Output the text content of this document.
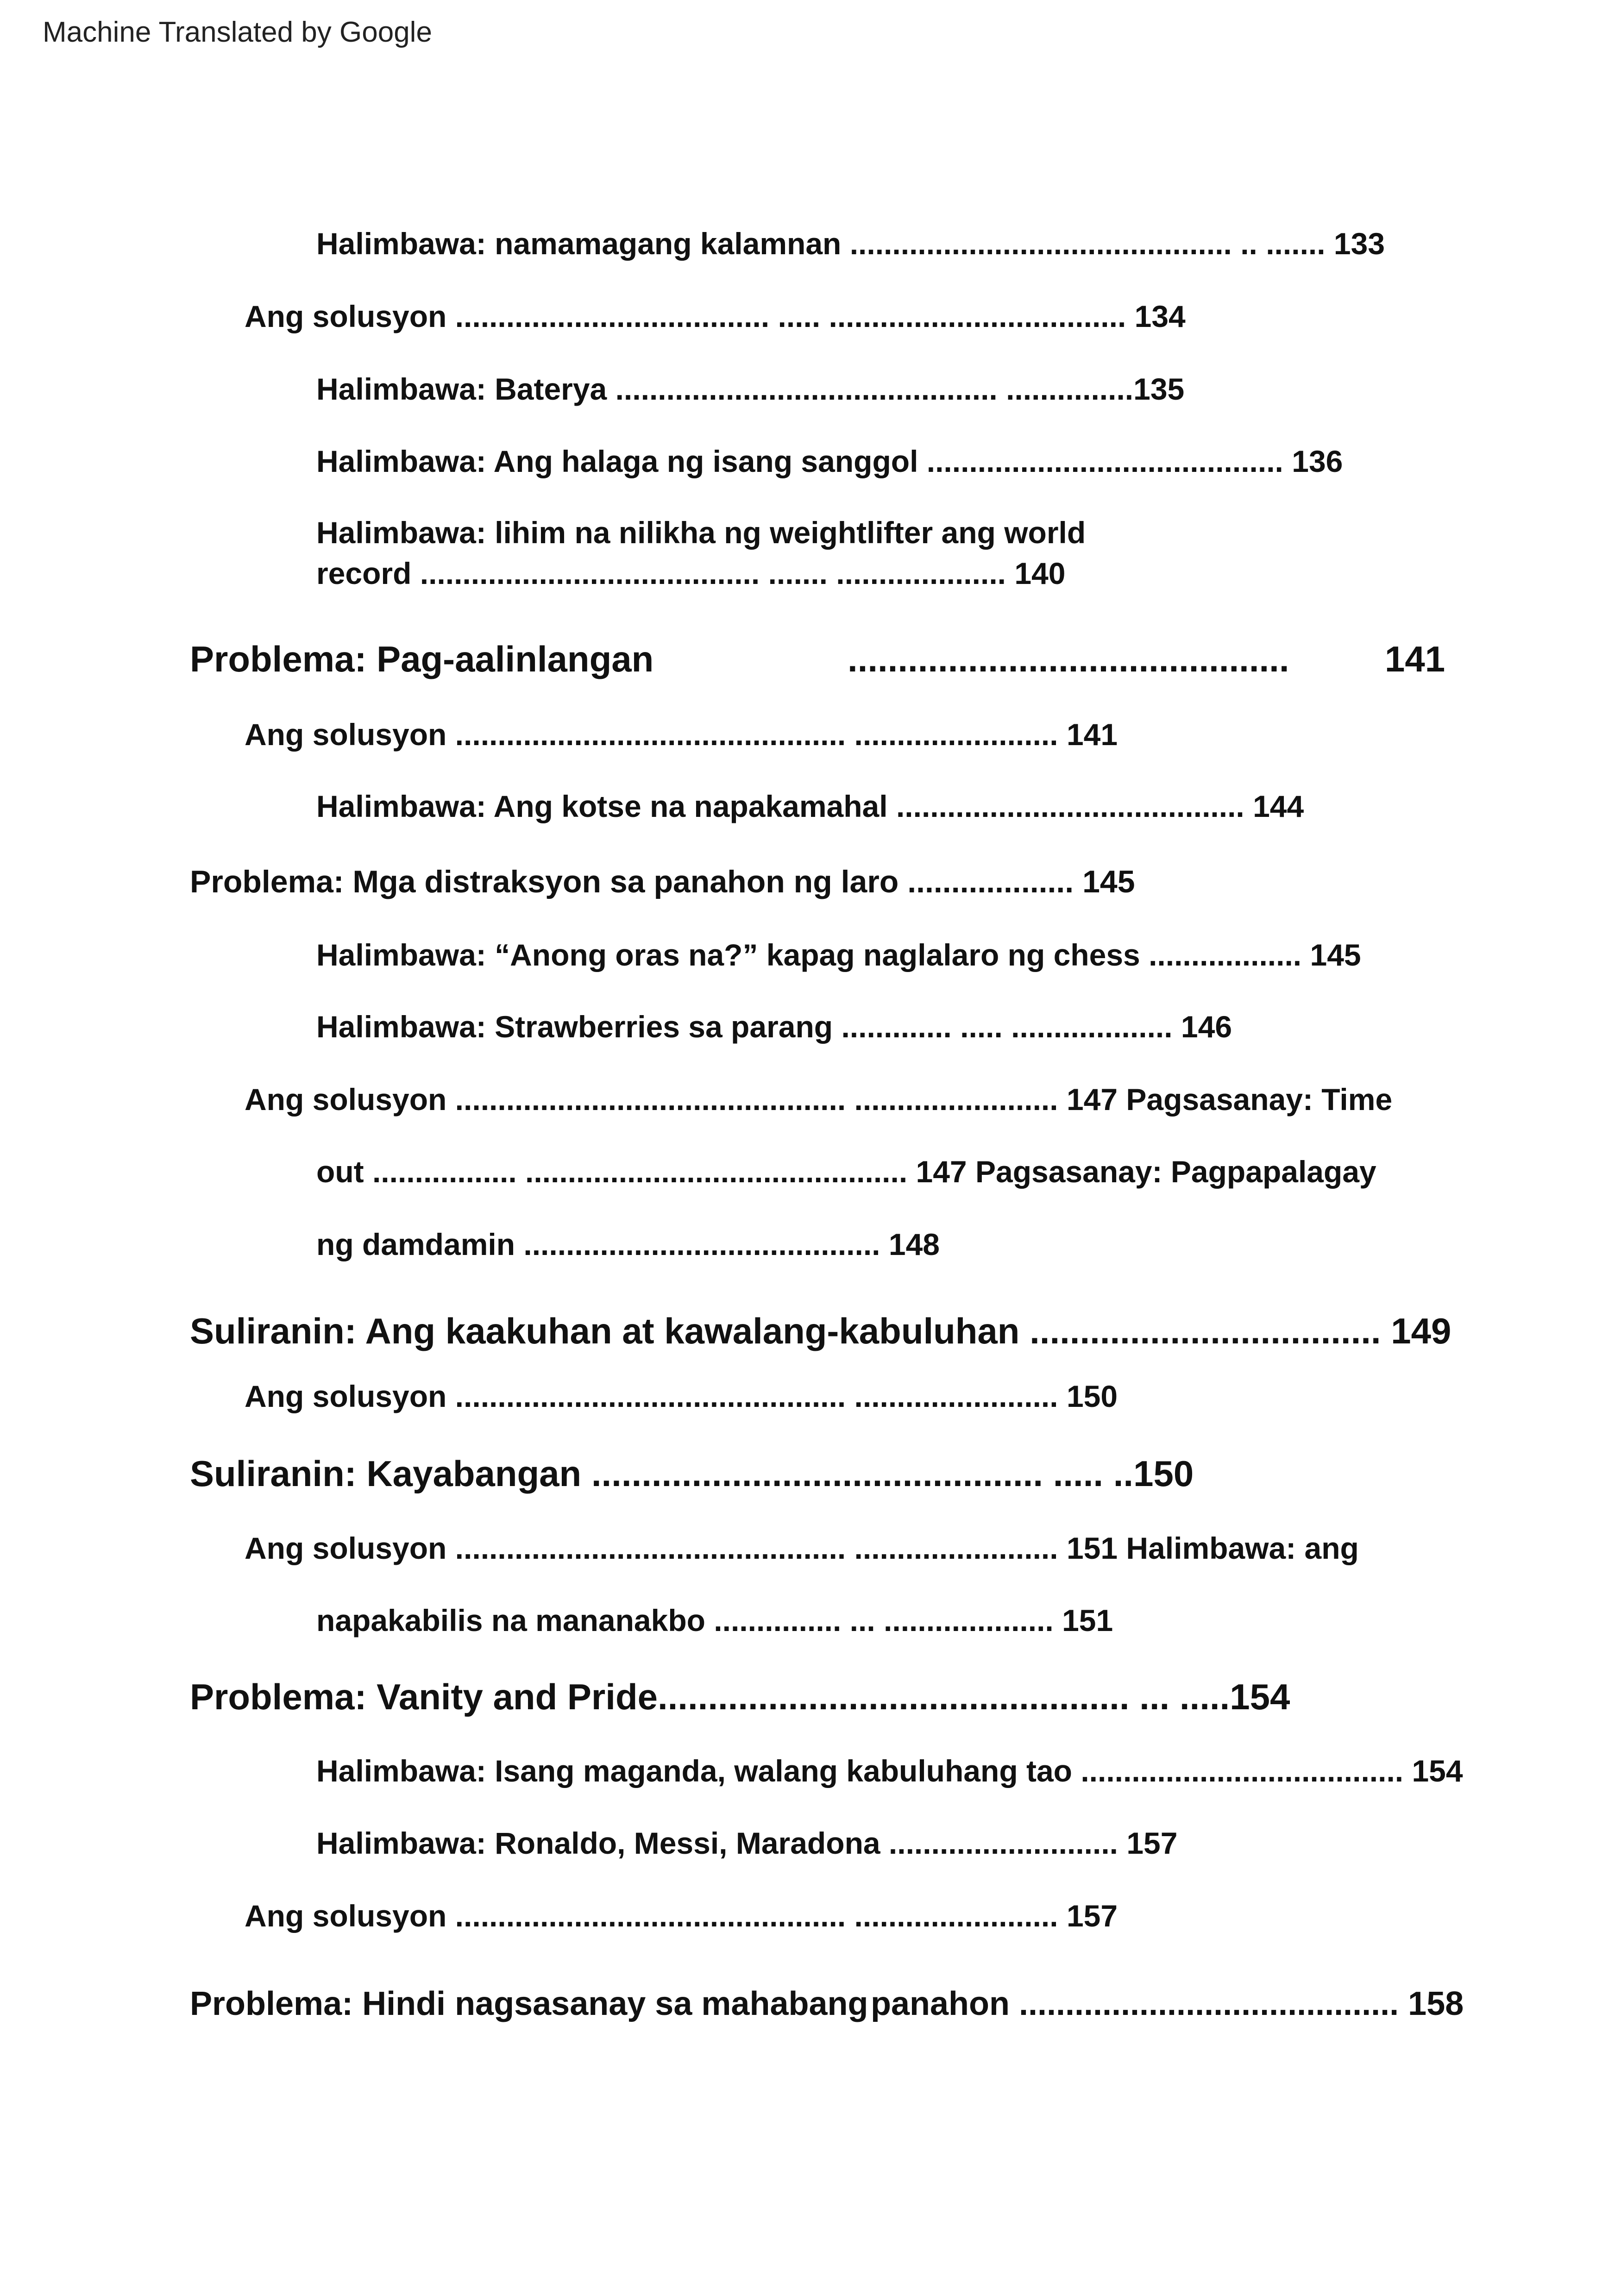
Machine Translated by Google
Halimbawa: namamagang kalamnan ............................................. .. ....... 133
Ang solusyon ..................................... ..... ................................... 134
Halimbawa: Baterya ............................................. ...............135
Halimbawa: Ang halaga ng isang sanggol .......................................... 136
Halimbawa: lihim na nilikha ng weightlifter ang world
record ........................................ ....... .................... 140
Problema: Pag-aalinlangan	............................................	141
Ang solusyon .............................................. ........................ 141
Halimbawa: Ang kotse na napakamahal ......................................... 144
Problema: Mga distraksyon sa panahon ng laro ................... 145
Halimbawa: “Anong oras na?” kapag naglalaro ng chess .................. 145
Halimbawa: Strawberries sa parang ............. ..... ................... 146
Ang solusyon .............................................. ........................ 147 Pagsasanay: Time
out ................. ............................................. 147 Pagsasanay: Pagpapalagay
ng damdamin .......................................... 148
Suliranin: Ang kaakuhan at kawalang-kabuluhan ................................... 149
Ang solusyon .............................................. ........................ 150
Suliranin: Kayabangan ............................................. ..... ..150
Ang solusyon .............................................. ........................ 151 Halimbawa: ang
napakabilis na mananakbo ............... ... .................... 151
Problema: Vanity and Pride............................................... ... .....154
Halimbawa: Isang maganda, walang kabuluhang tao ...................................... 154
Halimbawa: Ronaldo, Messi, Maradona ........................... 157
Ang solusyon .............................................. ........................ 157
Problema: Hindi nagsasanay sa mahabang panahon ......................................... 158
